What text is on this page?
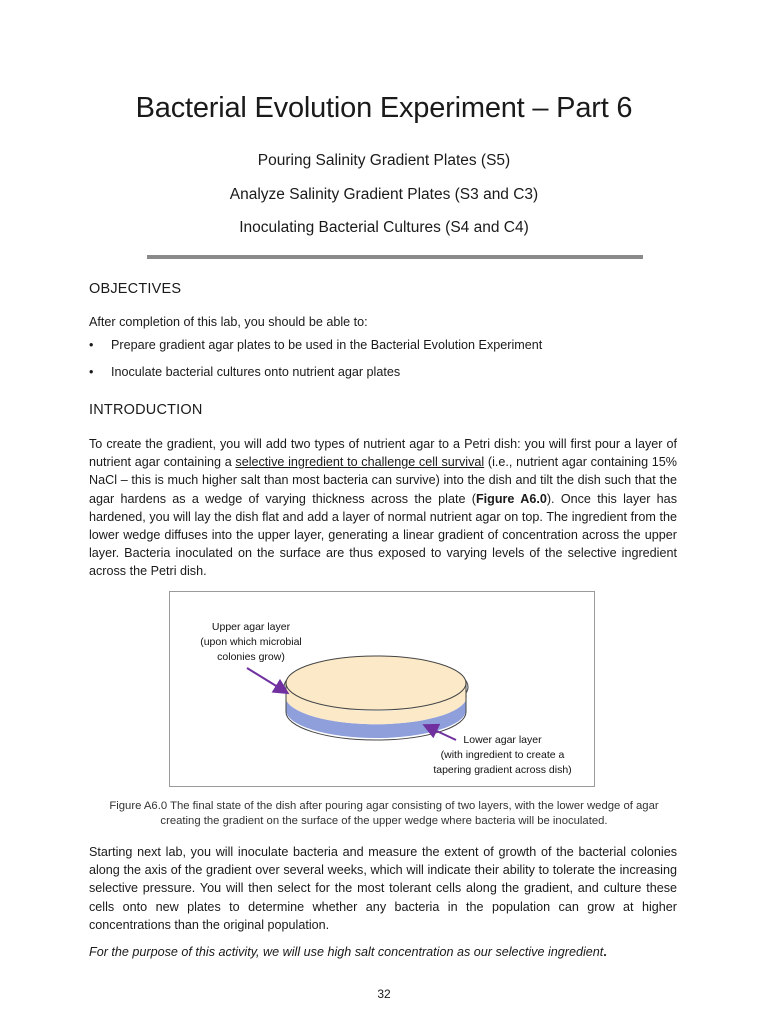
Bacterial Evolution Experiment – Part 6

Pouring Salinity Gradient Plates (S5)

Analyze Salinity Gradient Plates (S3 and C3)

Inoculating Bacterial Cultures (S4 and C4)

OBJECTIVES

After completion of this lab, you should be able to:

• Prepare gradient agar plates to be used in the Bacterial Evolution Experiment

• Inoculate bacterial cultures onto nutrient agar plates

INTRODUCTION

To create the gradient, you will add two types of nutrient agar to a Petri dish: you will first pour a layer of nutrient agar containing a selective ingredient to challenge cell survival (i.e., nutrient agar containing 15% NaCl – this is much higher salt than most bacteria can survive) into the dish and tilt the dish such that the agar hardens as a wedge of varying thickness across the plate (Figure A6.0). Once this layer has hardened, you will lay the dish flat and add a layer of normal nutrient agar on top. The ingredient from the lower wedge diffuses into the upper layer, generating a linear gradient of concentration across the upper layer. Bacteria inoculated on the surface are thus exposed to varying levels of the selective ingredient across the Petri dish.

Upper agar layer
(upon which microbial
colonies grow)
Lower agar layer
(with ingredient to create a
tapering gradient across dish)

Figure A6.0 The final state of the dish after pouring agar consisting of two layers, with the lower wedge of agar creating the gradient on the surface of the upper wedge where bacteria will be inoculated.

Starting next lab, you will inoculate bacteria and measure the extent of growth of the bacterial colonies along the axis of the gradient over several weeks, which will indicate their ability to tolerate the increasing selective pressure. You will then select for the most tolerant cells along the gradient, and culture these cells onto new plates to determine whether any bacteria in the population can grow at higher concentrations than the original population.

For the purpose of this activity, we will use high salt concentration as our selective ingredient.

32
